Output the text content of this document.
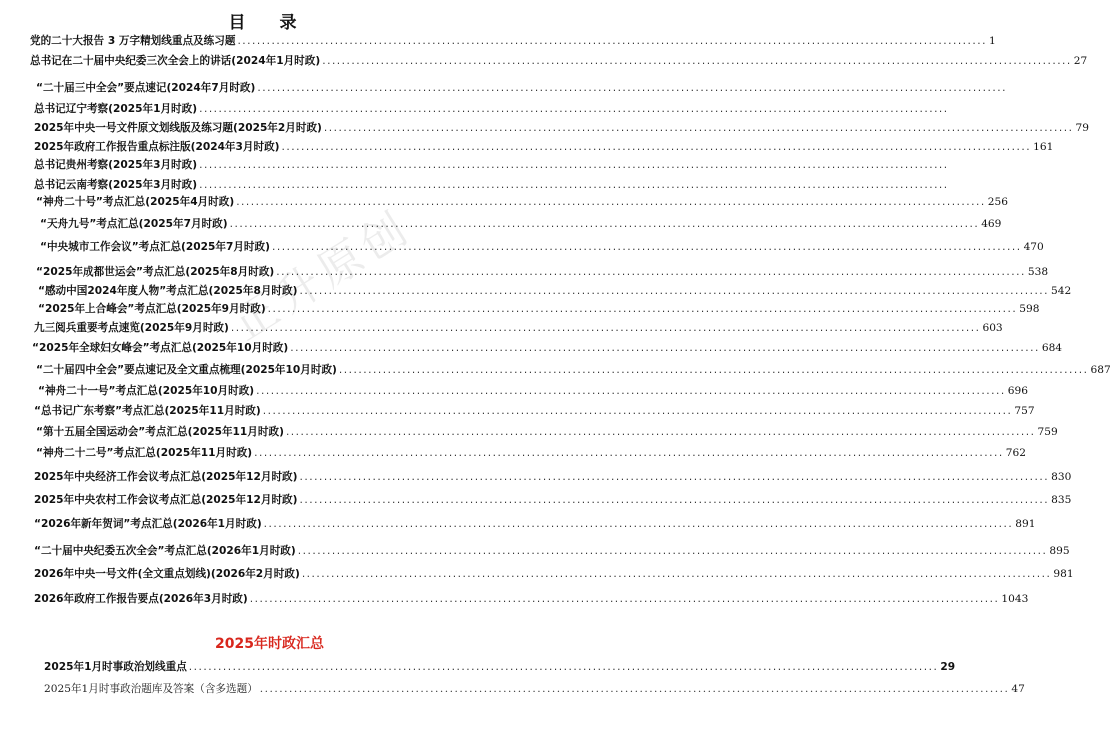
目 录
正升原创
党的二十大报告 3 万字精划线重点及练习题 .......................................................................................................................................................... 1
总书记在二十届中央纪委三次全会上的讲话(2024年1月时政) .......................................................................................................................................................... 27
“二十届三中全会”要点速记(2024年7月时政) ..........................................................................................................................................................
总书记辽宁考察(2025年1月时政) ..........................................................................................................................................................
2025年中央一号文件原文划线版及练习题(2025年2月时政) .......................................................................................................................................................... 79
2025年政府工作报告重点标注版(2024年3月时政) .......................................................................................................................................................... 161
总书记贵州考察(2025年3月时政) ..........................................................................................................................................................
总书记云南考察(2025年3月时政) ..........................................................................................................................................................
“神舟二十号”考点汇总(2025年4月时政) .......................................................................................................................................................... 256
“天舟九号”考点汇总(2025年7月时政) .......................................................................................................................................................... 469
“中央城市工作会议”考点汇总(2025年7月时政) .......................................................................................................................................................... 470
“2025年成都世运会”考点汇总(2025年8月时政) .......................................................................................................................................................... 538
“感动中国2024年度人物”考点汇总(2025年8月时政) .......................................................................................................................................................... 542
“2025年上合峰会”考点汇总(2025年9月时政) .......................................................................................................................................................... 598
九三阅兵重要考点速览(2025年9月时政) .......................................................................................................................................................... 603
“2025年全球妇女峰会”考点汇总(2025年10月时政) .......................................................................................................................................................... 684
“二十届四中全会”要点速记及全文重点梳理(2025年10月时政) .......................................................................................................................................................... 687
“神舟二十一号”考点汇总(2025年10月时政) .......................................................................................................................................................... 696
“总书记广东考察”考点汇总(2025年11月时政) .......................................................................................................................................................... 757
“第十五届全国运动会”考点汇总(2025年11月时政) .......................................................................................................................................................... 759
“神舟二十二号”考点汇总(2025年11月时政) .......................................................................................................................................................... 762
2025年中央经济工作会议考点汇总(2025年12月时政) .......................................................................................................................................................... 830
2025年中央农村工作会议考点汇总(2025年12月时政) .......................................................................................................................................................... 835
“2026年新年贺词”考点汇总(2026年1月时政) .......................................................................................................................................................... 891
“二十届中央纪委五次全会”考点汇总(2026年1月时政) .......................................................................................................................................................... 895
2026年中央一号文件(全文重点划线)(2026年2月时政) .......................................................................................................................................................... 981
2026年政府工作报告要点(2026年3月时政) .......................................................................................................................................................... 1043
2025年时政汇总
2025年1月时事政治划线重点 .......................................................................................................................................................... 29
2025年1月时事政治题库及答案（含多选题） .......................................................................................................................................................... 47
